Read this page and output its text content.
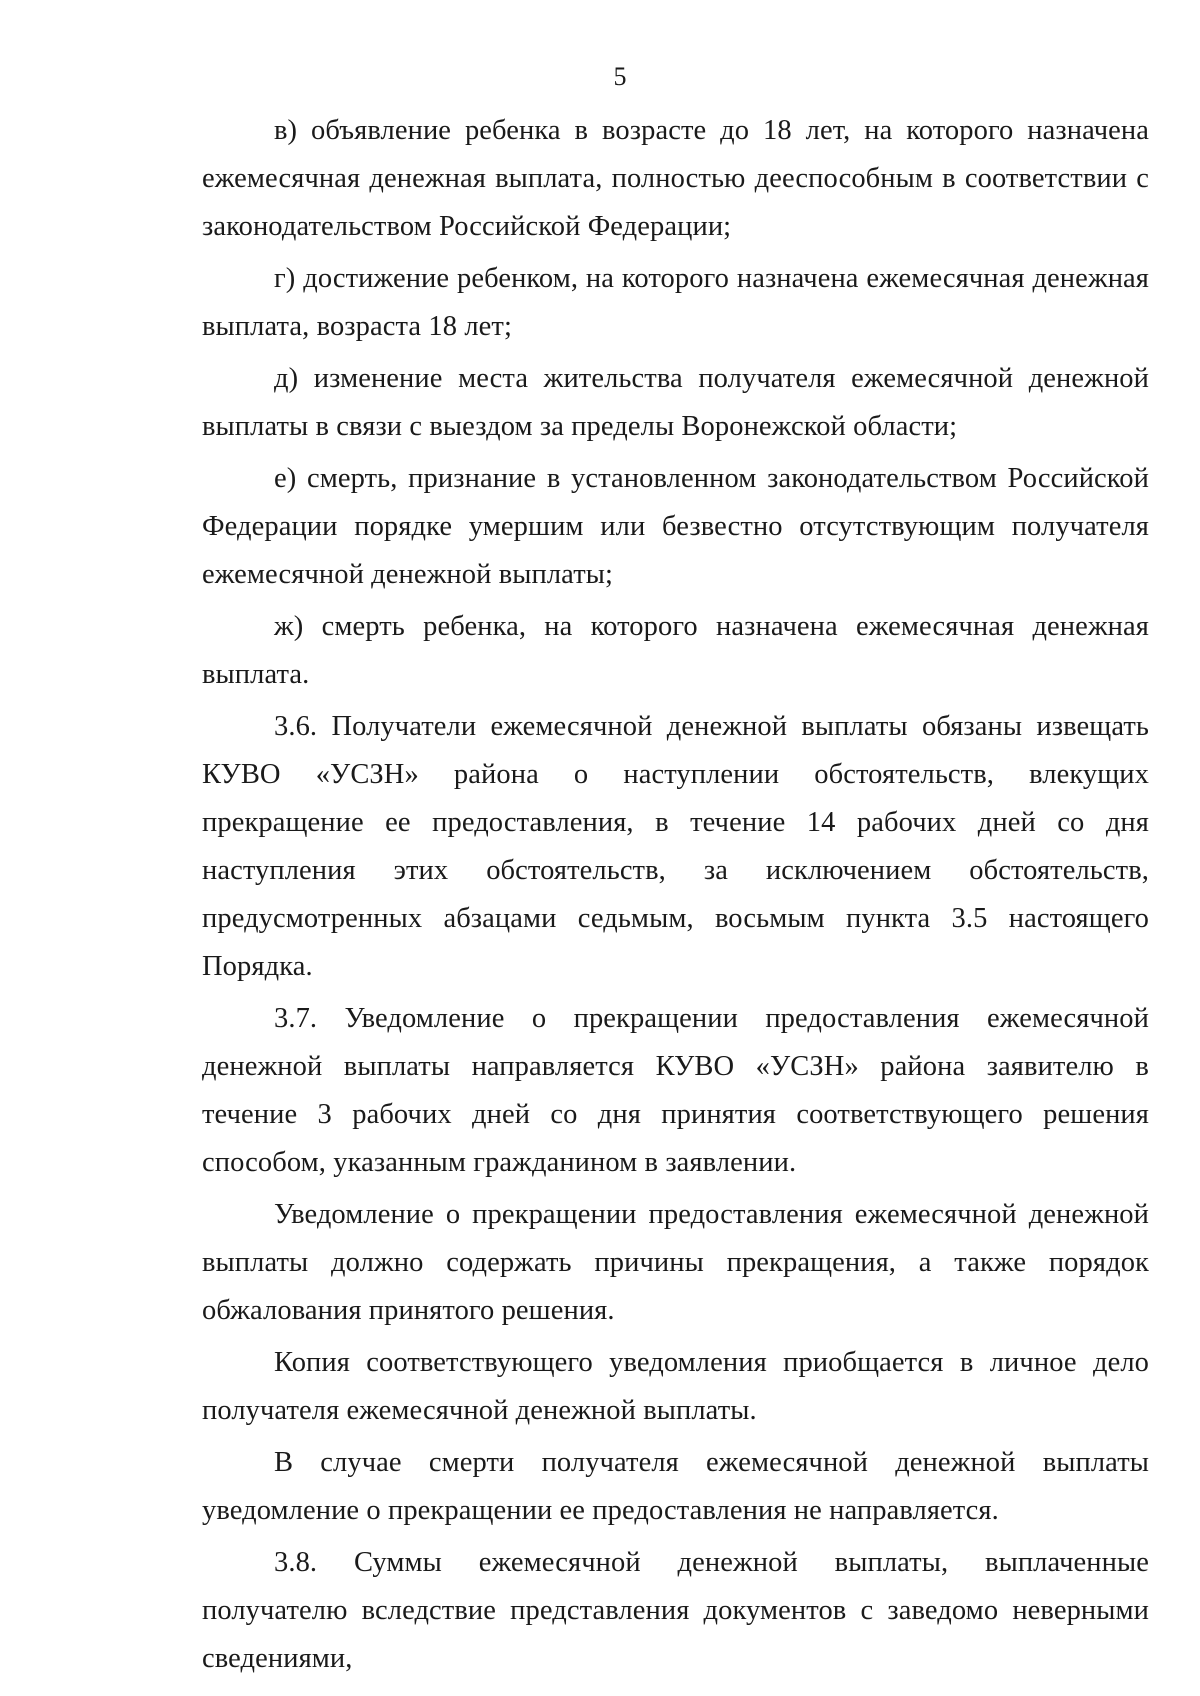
5

в) объявление ребенка в возрасте до 18 лет, на которого назначена ежемесячная денежная выплата, полностью дееспособным в соответствии с законодательством Российской Федерации;

г) достижение ребенком, на которого назначена ежемесячная денежная выплата, возраста 18 лет;

д) изменение места жительства получателя ежемесячной денежной выплаты в связи с выездом за пределы Воронежской области;

е) смерть, признание в установленном законодательством Российской Федерации порядке умершим или безвестно отсутствующим получателя ежемесячной денежной выплаты;

ж) смерть ребенка, на которого назначена ежемесячная денежная выплата.

3.6. Получатели ежемесячной денежной выплаты обязаны извещать КУВО «УСЗН» района о наступлении обстоятельств, влекущих прекращение ее предоставления, в течение 14 рабочих дней со дня наступления этих обстоятельств, за исключением обстоятельств, предусмотренных абзацами седьмым, восьмым пункта 3.5 настоящего Порядка.

3.7. Уведомление о прекращении предоставления ежемесячной денежной выплаты направляется КУВО «УСЗН» района заявителю в течение 3 рабочих дней со дня принятия соответствующего решения способом, указанным гражданином в заявлении.

Уведомление о прекращении предоставления ежемесячной денежной выплаты должно содержать причины прекращения, а также порядок обжалования принятого решения.

Копия соответствующего уведомления приобщается в личное дело получателя ежемесячной денежной выплаты.

В случае смерти получателя ежемесячной денежной выплаты уведомление о прекращении ее предоставления не направляется.

3.8. Суммы ежемесячной денежной выплаты, выплаченные получателю вследствие представления документов с заведомо неверными сведениями,
